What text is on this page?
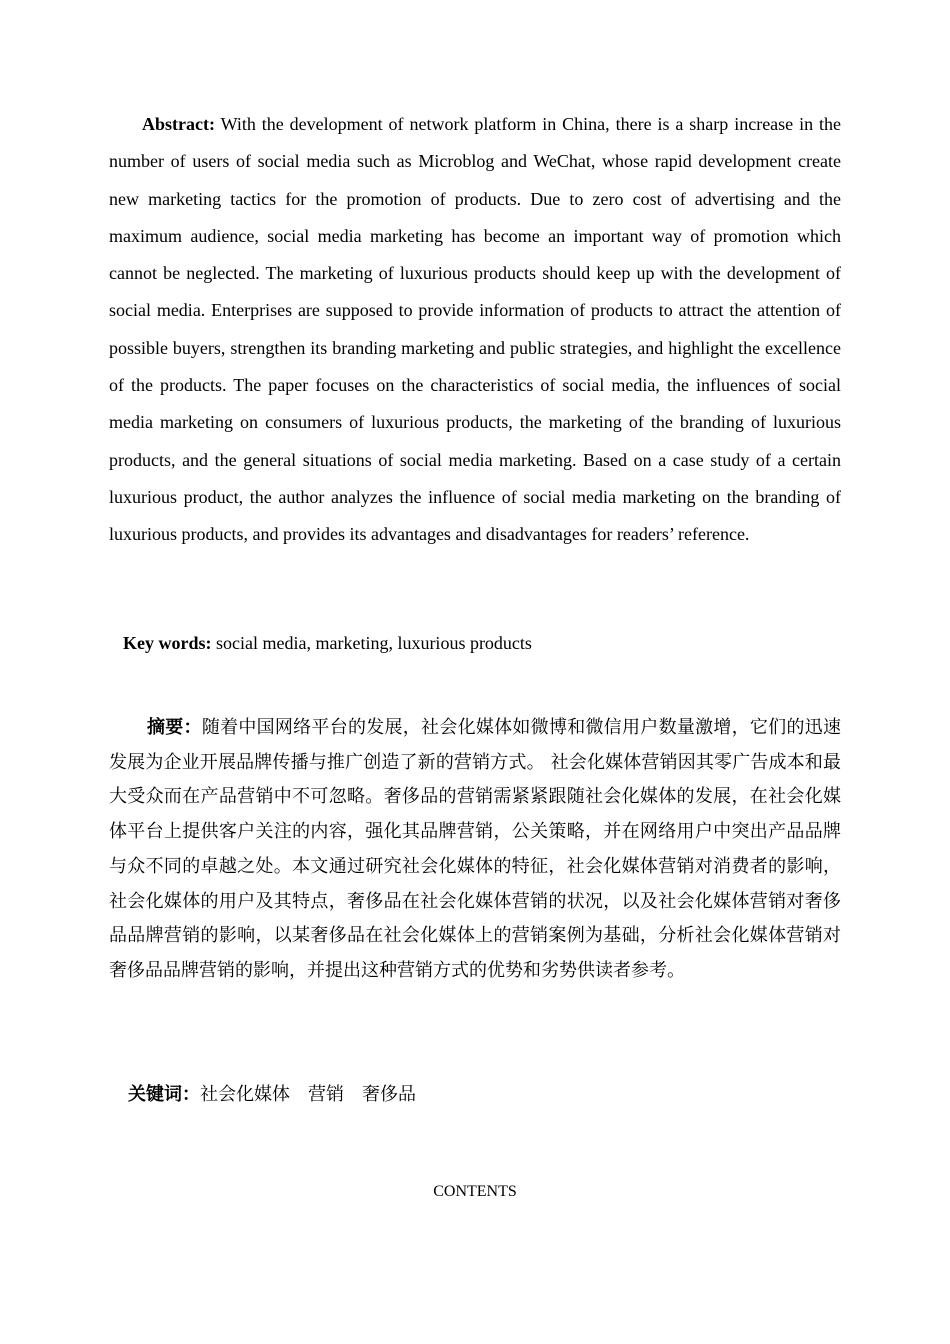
Abstract: With the development of network platform in China, there is a sharp increase in the number of users of social media such as Microblog and WeChat, whose rapid development create new marketing tactics for the promotion of products. Due to zero cost of advertising and the maximum audience, social media marketing has become an important way of promotion which cannot be neglected. The marketing of luxurious products should keep up with the development of social media. Enterprises are supposed to provide information of products to attract the attention of possible buyers, strengthen its branding marketing and public strategies, and highlight the excellence of the products. The paper focuses on the characteristics of social media, the influences of social media marketing on consumers of luxurious products, the marketing of the branding of luxurious products, and the general situations of social media marketing. Based on a case study of a certain luxurious product, the author analyzes the influence of social media marketing on the branding of luxurious products, and provides its advantages and disadvantages for readers’ reference.

Key words: social media, marketing, luxurious products

摘要：随着中国网络平台的发展，社会化媒体如微博和微信用户数量激增，它们的迅速发展为企业开展品牌传播与推广创造了新的营销方式。 社会化媒体营销因其零广告成本和最大受众而在产品营销中不可忽略。奢侈品的营销需紧紧跟随社会化媒体的发展，在社会化媒体平台上提供客户关注的内容，强化其品牌营销，公关策略，并在网络用户中突出产品品牌与众不同的卓越之处。本文通过研究社会化媒体的特征，社会化媒体营销对消费者的影响，社会化媒体的用户及其特点，奢侈品在社会化媒体营销的状况，以及社会化媒体营销对奢侈品品牌营销的影响，以某奢侈品在社会化媒体上的营销案例为基础，分析社会化媒体营销对奢侈品品牌营销的影响，并提出这种营销方式的优势和劣势供读者参考。

关键词：社会化媒体　营销　奢侈品

CONTENTS
